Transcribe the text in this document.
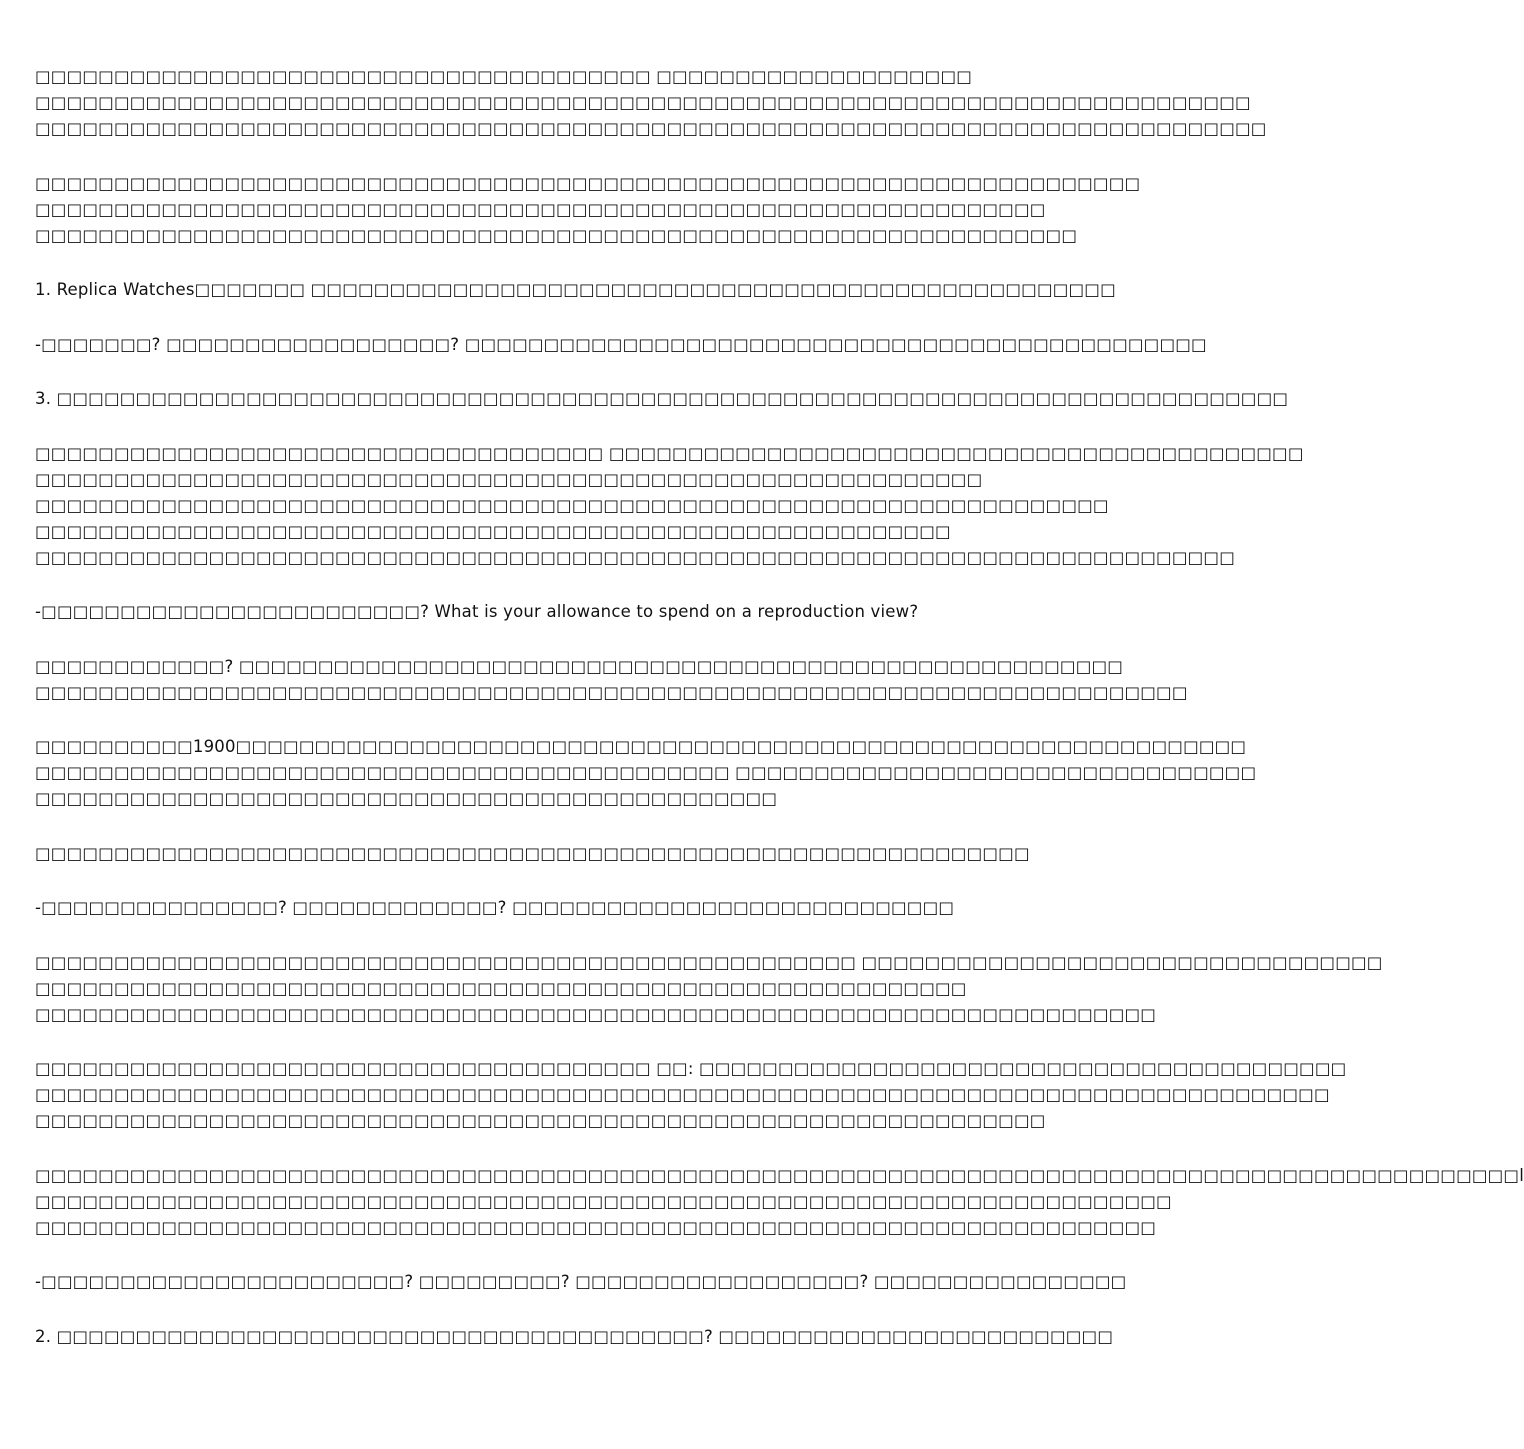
□□□□□□□□□□□□□□□□□□□□□□□□□□□□□□□□□□□□□□□ □□□□□□□□□□□□□□□□□□□□
□□□□□□□□□□□□□□□□□□□□□□□□□□□□□□□□□□□□□□□□□□□□□□□□□□□□□□□□□□□□□□□□□□□□□□□□□□□□□
□□□□□□□□□□□□□□□□□□□□□□□□□□□□□□□□□□□□□□□□□□□□□□□□□□□□□□□□□□□□□□□□□□□□□□□□□□□□□□
□□□□□□□□□□□□□□□□□□□□□□□□□□□□□□□□□□□□□□□□□□□□□□□□□□□□□□□□□□□□□□□□□□□□□□
□□□□□□□□□□□□□□□□□□□□□□□□□□□□□□□□□□□□□□□□□□□□□□□□□□□□□□□□□□□□□□□□
□□□□□□□□□□□□□□□□□□□□□□□□□□□□□□□□□□□□□□□□□□□□□□□□□□□□□□□□□□□□□□□□□□
1. Replica Watches□□□□□□□ □□□□□□□□□□□□□□□□□□□□□□□□□□□□□□□□□□□□□□□□□□□□□□□□□□□
-□□□□□□□? □□□□□□□□□□□□□□□□□□? □□□□□□□□□□□□□□□□□□□□□□□□□□□□□□□□□□□□□□□□□□□□□□□
3. □□□□□□□□□□□□□□□□□□□□□□□□□□□□□□□□□□□□□□□□□□□□□□□□□□□□□□□□□□□□□□□□□□□□□□□□□□□□□□
□□□□□□□□□□□□□□□□□□□□□□□□□□□□□□□□□□□□ □□□□□□□□□□□□□□□□□□□□□□□□□□□□□□□□□□□□□□□□□□□□
□□□□□□□□□□□□□□□□□□□□□□□□□□□□□□□□□□□□□□□□□□□□□□□□□□□□□□□□□□□□
□□□□□□□□□□□□□□□□□□□□□□□□□□□□□□□□□□□□□□□□□□□□□□□□□□□□□□□□□□□□□□□□□□□□
□□□□□□□□□□□□□□□□□□□□□□□□□□□□□□□□□□□□□□□□□□□□□□□□□□□□□□□□□□
□□□□□□□□□□□□□□□□□□□□□□□□□□□□□□□□□□□□□□□□□□□□□□□□□□□□□□□□□□□□□□□□□□□□□□□□□□□□
-□□□□□□□□□□□□□□□□□□□□□□□□? What is your allowance to spend on a reproduction view?
□□□□□□□□□□□□? □□□□□□□□□□□□□□□□□□□□□□□□□□□□□□□□□□□□□□□□□□□□□□□□□□□□□□□□
□□□□□□□□□□□□□□□□□□□□□□□□□□□□□□□□□□□□□□□□□□□□□□□□□□□□□□□□□□□□□□□□□□□□□□□□□
□□□□□□□□□□1900□□□□□□□□□□□□□□□□□□□□□□□□□□□□□□□□□□□□□□□□□□□□□□□□□□□□□□□□□□□□□□□□
□□□□□□□□□□□□□□□□□□□□□□□□□□□□□□□□□□□□□□□□□□□□ □□□□□□□□□□□□□□□□□□□□□□□□□□□□□□□□□
□□□□□□□□□□□□□□□□□□□□□□□□□□□□□□□□□□□□□□□□□□□□□□□
□□□□□□□□□□□□□□□□□□□□□□□□□□□□□□□□□□□□□□□□□□□□□□□□□□□□□□□□□□□□□□□
-□□□□□□□□□□□□□□□? □□□□□□□□□□□□□? □□□□□□□□□□□□□□□□□□□□□□□□□□□□
□□□□□□□□□□□□□□□□□□□□□□□□□□□□□□□□□□□□□□□□□□□□□□□□□□□□ □□□□□□□□□□□□□□□□□□□□□□□□□□□□□□□□□
□□□□□□□□□□□□□□□□□□□□□□□□□□□□□□□□□□□□□□□□□□□□□□□□□□□□□□□□□□□
□□□□□□□□□□□□□□□□□□□□□□□□□□□□□□□□□□□□□□□□□□□□□□□□□□□□□□□□□□□□□□□□□□□□□□□
□□□□□□□□□□□□□□□□□□□□□□□□□□□□□□□□□□□□□□□ □□: □□□□□□□□□□□□□□□□□□□□□□□□□□□□□□□□□□□□□□□□□
□□□□□□□□□□□□□□□□□□□□□□□□□□□□□□□□□□□□□□□□□□□□□□□□□□□□□□□□□□□□□□□□□□□□□□□□□□□□□□□□□□
□□□□□□□□□□□□□□□□□□□□□□□□□□□□□□□□□□□□□□□□□□□□□□□□□□□□□□□□□□□□□□□□
□□□□□□□□□□□□□□□□□□□□□□□□□□□□□□□□□□□□□□□□□□□□□□□□□□□□□□□□□□□□□□□□□□□□□□□□□□□□□□□□□□□□□□□□□□□□□□l
□□□□□□□□□□□□□□□□□□□□□□□□□□□□□□□□□□□□□□□□□□□□□□□□□□□□□□□□□□□□□□□□□□□□□□□□
□□□□□□□□□□□□□□□□□□□□□□□□□□□□□□□□□□□□□□□□□□□□□□□□□□□□□□□□□□□□□□□□□□□□□□□
-□□□□□□□□□□□□□□□□□□□□□□□? □□□□□□□□□? □□□□□□□□□□□□□□□□□□? □□□□□□□□□□□□□□□□
2. □□□□□□□□□□□□□□□□□□□□□□□□□□□□□□□□□□□□□□□□□? □□□□□□□□□□□□□□□□□□□□□□□□□
